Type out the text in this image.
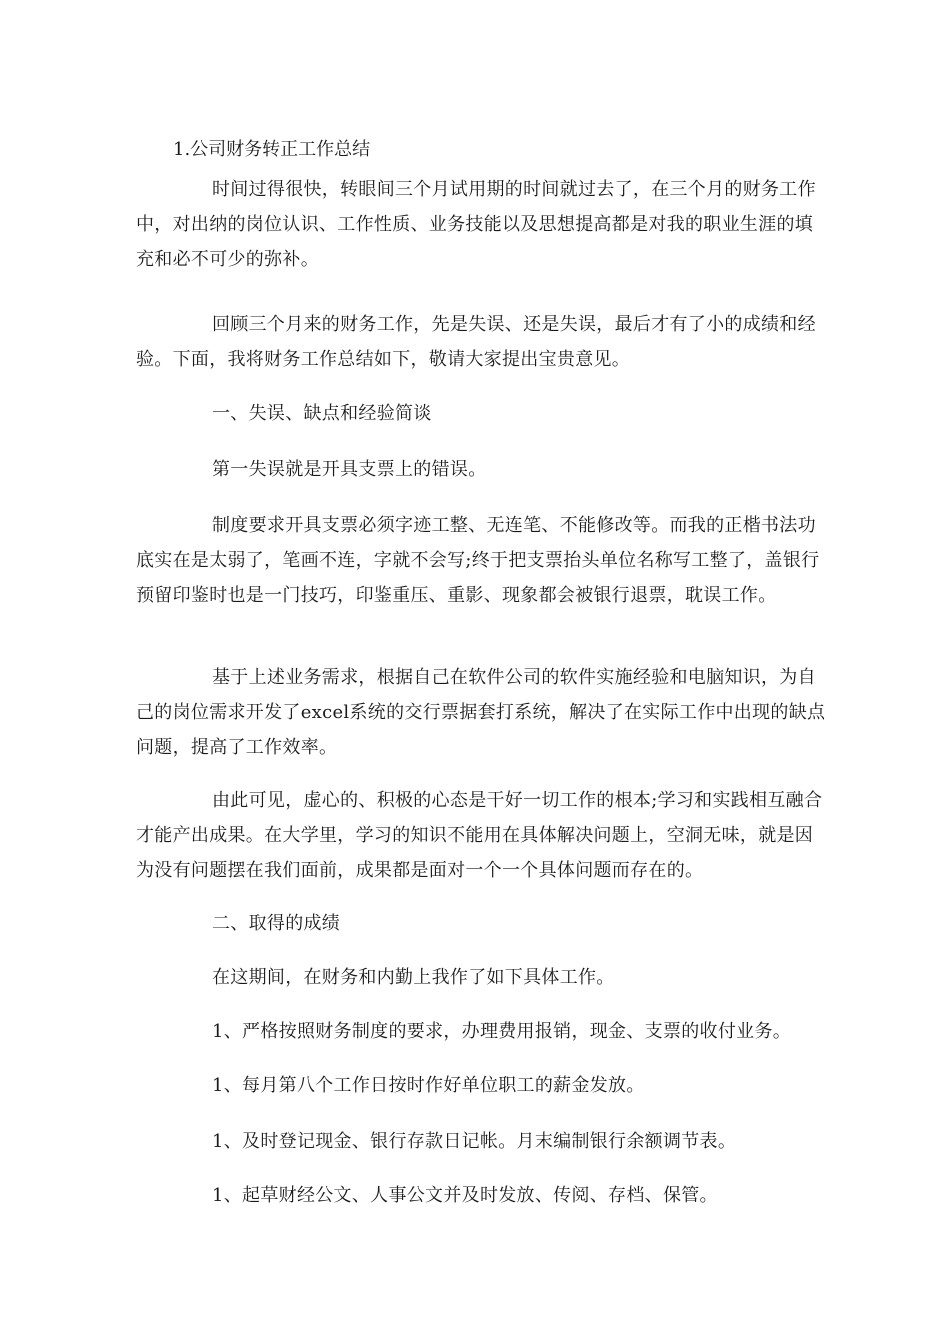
1.公司财务转正工作总结

时间过得很快，转眼间三个月试用期的时间就过去了，在三个月的财务工作中，对出纳的岗位认识、工作性质、业务技能以及思想提高都是对我的职业生涯的填充和必不可少的弥补。

回顾三个月来的财务工作，先是失误、还是失误，最后才有了小的成绩和经验。下面，我将财务工作总结如下，敬请大家提出宝贵意见。

一、失误、缺点和经验简谈

第一失误就是开具支票上的错误。

制度要求开具支票必须字迹工整、无连笔、不能修改等。而我的正楷书法功底实在是太弱了，笔画不连，字就不会写;终于把支票抬头单位名称写工整了，盖银行预留印鉴时也是一门技巧，印鉴重压、重影、现象都会被银行退票，耽误工作。

基于上述业务需求，根据自己在软件公司的软件实施经验和电脑知识，为自己的岗位需求开发了excel系统的交行票据套打系统，解决了在实际工作中出现的缺点问题，提高了工作效率。

由此可见，虚心的、积极的心态是干好一切工作的根本;学习和实践相互融合才能产出成果。在大学里，学习的知识不能用在具体解决问题上，空洞无味，就是因为没有问题摆在我们面前，成果都是面对一个一个具体问题而存在的。

二、取得的成绩

在这期间，在财务和内勤上我作了如下具体工作。

1、严格按照财务制度的要求，办理费用报销，现金、支票的收付业务。

1、每月第八个工作日按时作好单位职工的薪金发放。

1、及时登记现金、银行存款日记帐。月末编制银行余额调节表。

1、起草财经公文、人事公文并及时发放、传阅、存档、保管。
